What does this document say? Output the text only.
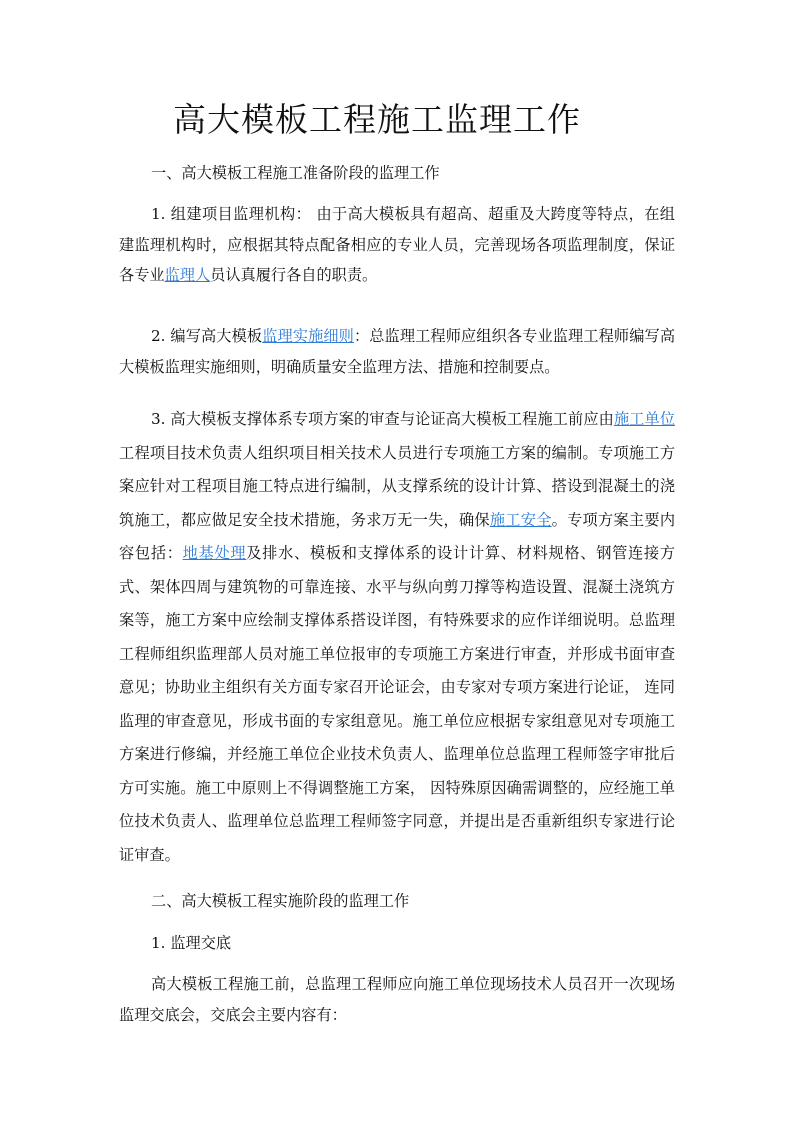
高大模板工程施工监理工作

一、高大模板工程施工准备阶段的监理工作

1. 组建项目监理机构： 由于高大模板具有超高、超重及大跨度等特点，在组建监理机构时，应根据其特点配备相应的专业人员，完善现场各项监理制度，保证各专业监理人员认真履行各自的职责。

2. 编写高大模板监理实施细则：总监理工程师应组织各专业监理工程师编写高大模板监理实施细则，明确质量安全监理方法、措施和控制要点。

3. 高大模板支撑体系专项方案的审查与论证高大模板工程施工前应由施工单位工程项目技术负责人组织项目相关技术人员进行专项施工方案的编制。专项施工方案应针对工程项目施工特点进行编制，从支撑系统的设计计算、搭设到混凝土的浇筑施工，都应做足安全技术措施，务求万无一失，确保施工安全。专项方案主要内容包括：地基处理及排水、模板和支撑体系的设计计算、材料规格、钢管连接方式、架体四周与建筑物的可靠连接、水平与纵向剪刀撑等构造设置、混凝土浇筑方案等，施工方案中应绘制支撑体系搭设详图，有特殊要求的应作详细说明。总监理工程师组织监理部人员对施工单位报审的专项施工方案进行审查，并形成书面审查意见；协助业主组织有关方面专家召开论证会，由专家对专项方案进行论证， 连同监理的审查意见，形成书面的专家组意见。施工单位应根据专家组意见对专项施工方案进行修编，并经施工单位企业技术负责人、监理单位总监理工程师签字审批后方可实施。施工中原则上不得调整施工方案， 因特殊原因确需调整的，应经施工单位技术负责人、监理单位总监理工程师签字同意，并提出是否重新组织专家进行论证审查。

二、高大模板工程实施阶段的监理工作

1. 监理交底

高大模板工程施工前，总监理工程师应向施工单位现场技术人员召开一次现场监理交底会，交底会主要内容有：
